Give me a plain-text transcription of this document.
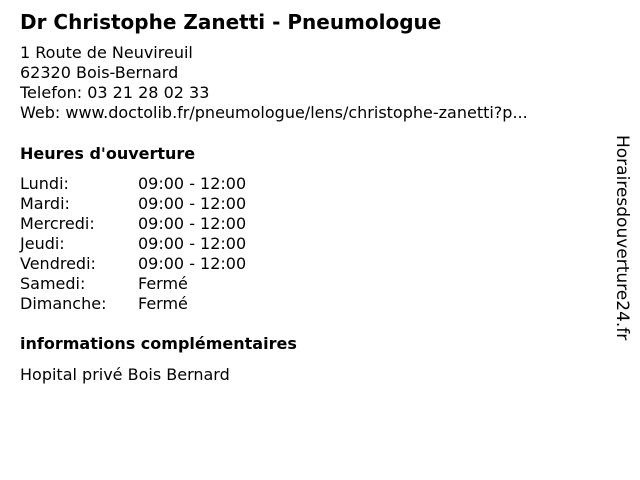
Dr Christophe Zanetti - Pneumologue
1 Route de Neuvireuil
62320 Bois-Bernard
Telefon: 03 21 28 02 33
Web: www.doctolib.fr/pneumologue/lens/christophe-zanetti?p...
Heures d'ouverture
Lundi:	09:00 - 12:00
Mardi:	09:00 - 12:00
Mercredi:	09:00 - 12:00
Jeudi:	09:00 - 12:00
Vendredi:	09:00 - 12:00
Samedi:	Fermé
Dimanche:	Fermé
informations complémentaires
Hopital privé Bois Bernard
Horairesdouverture24.fr
